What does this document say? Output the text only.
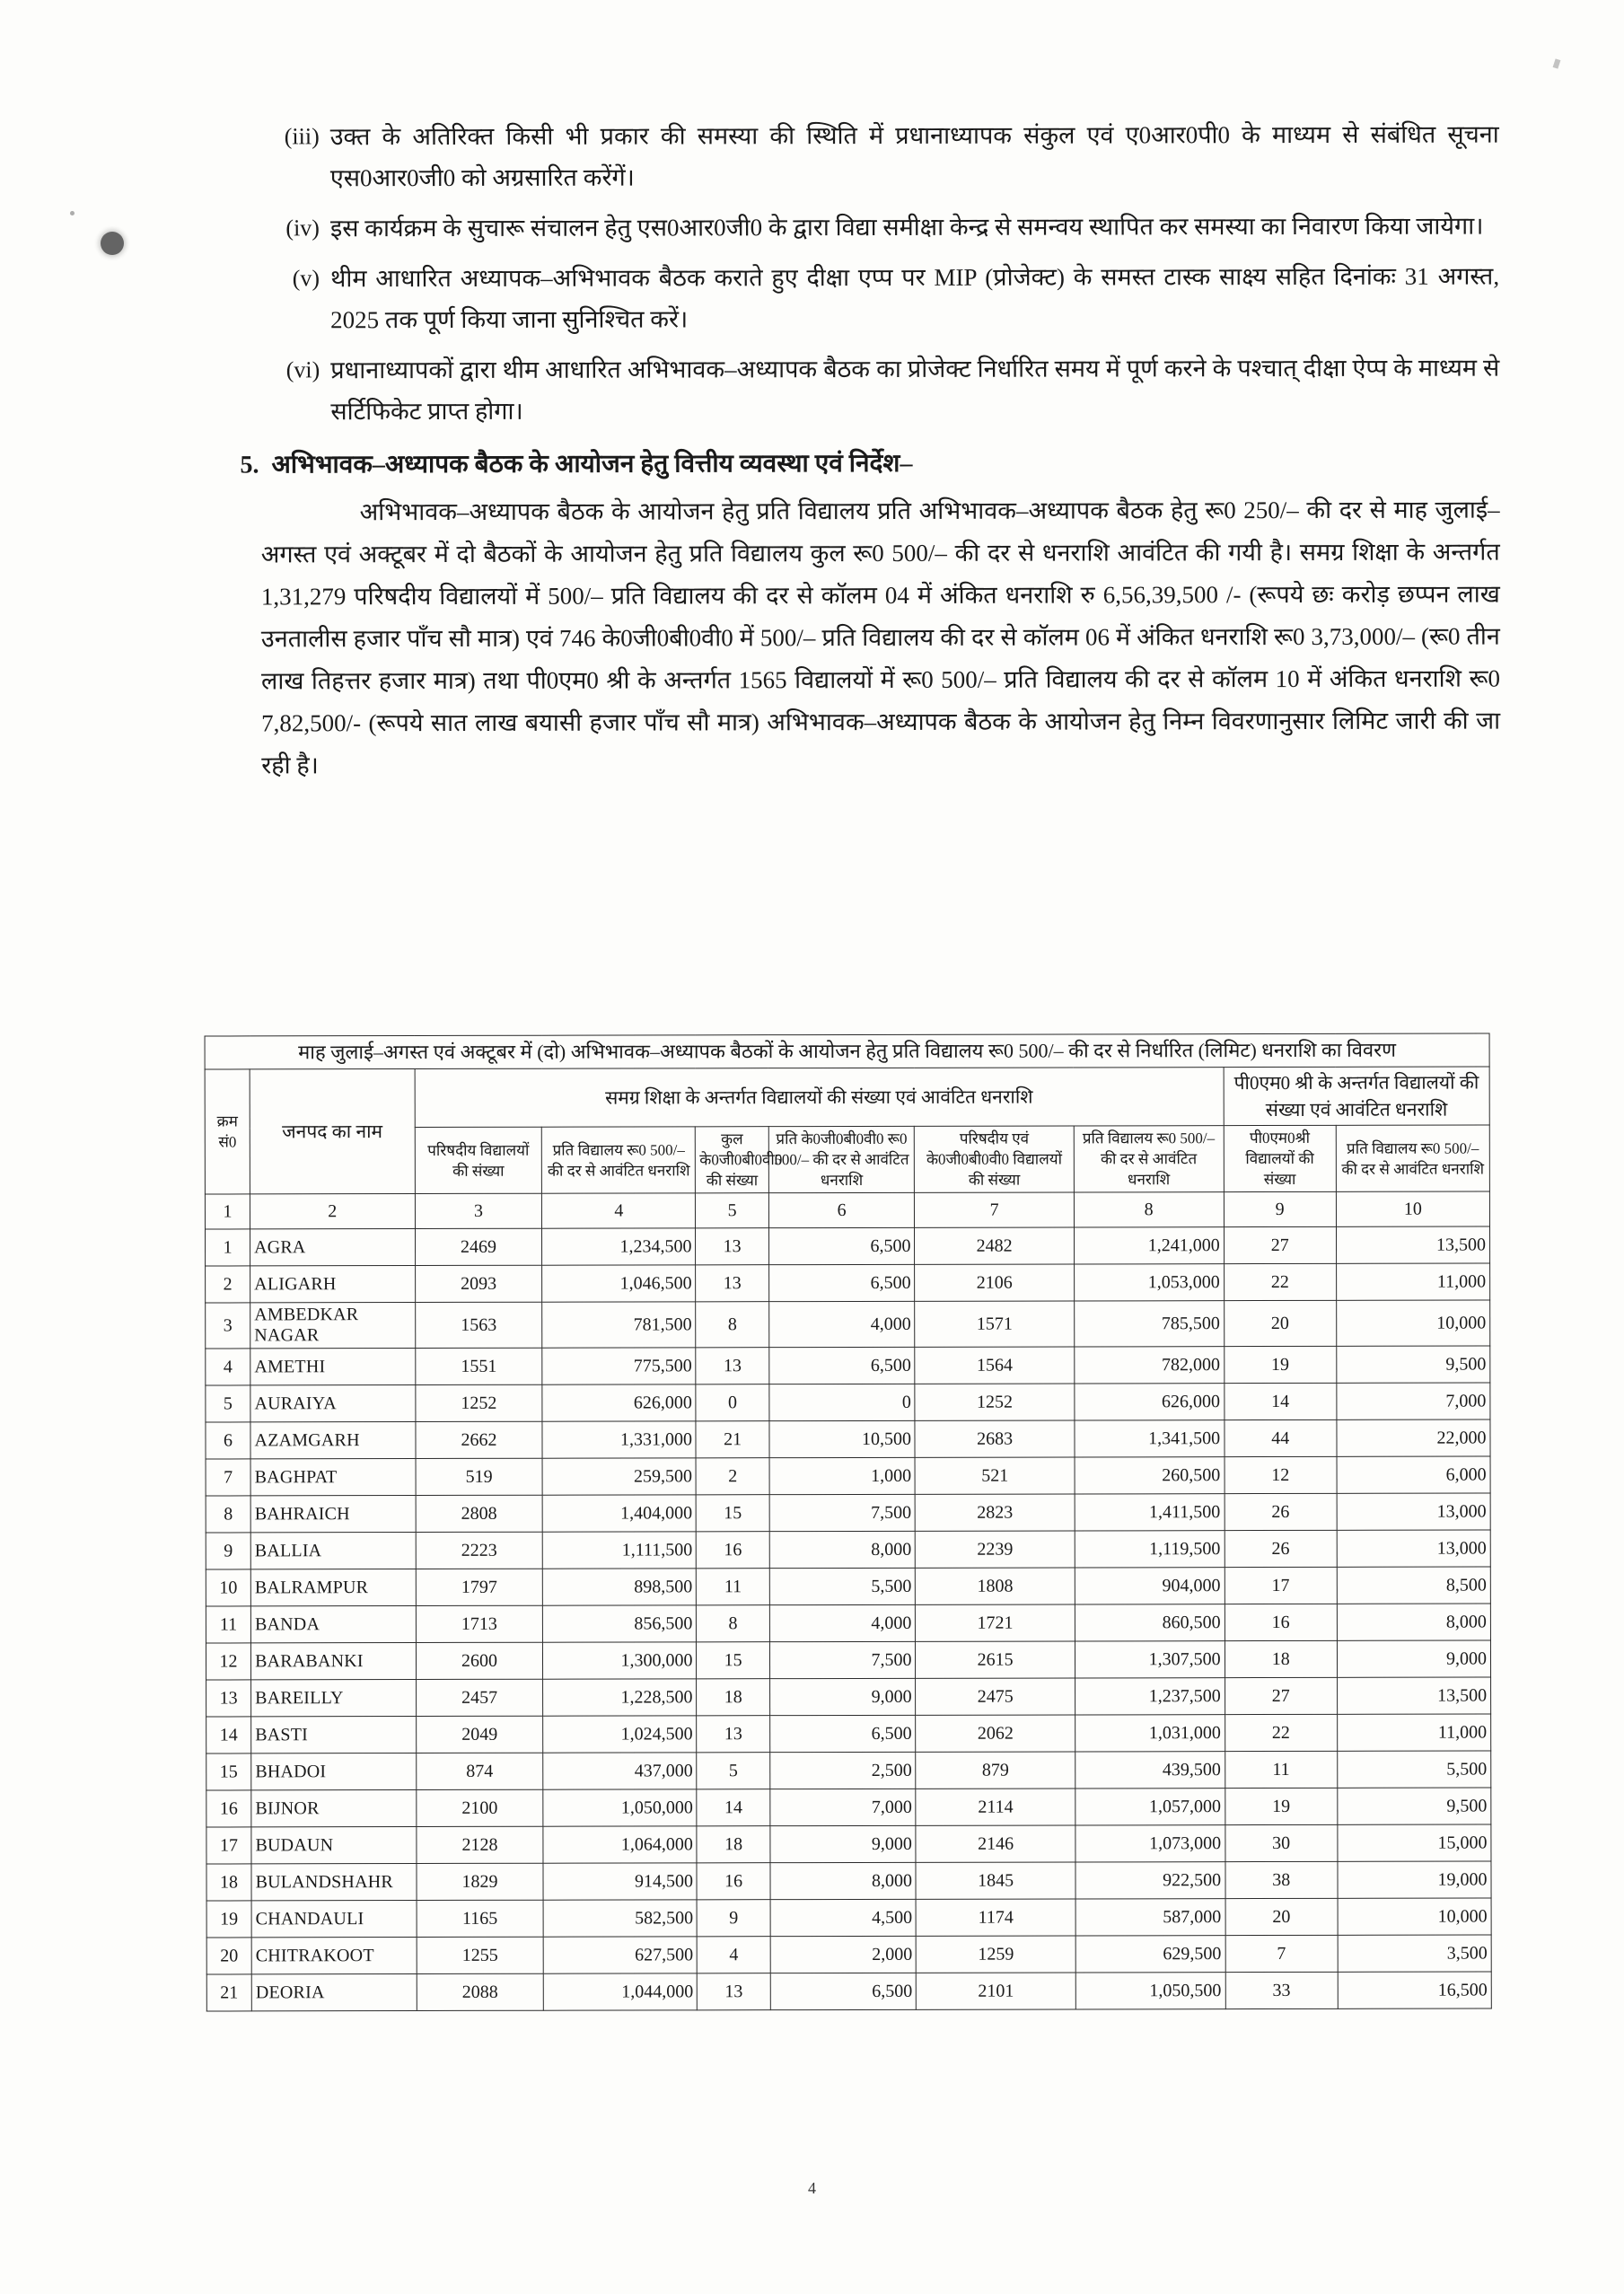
(iii) उक्त के अतिरिक्त किसी भी प्रकार की समस्या की स्थिति में प्रधानाध्यापक संकुल एवं ए0आर0पी0 के माध्यम से संबंधित सूचना एस0आर0जी0 को अग्रसारित करेंगें।
(iv) इस कार्यक्रम के सुचारू संचालन हेतु एस0आर0जी0 के द्वारा विद्या समीक्षा केन्द्र से समन्वय स्थापित कर समस्या का निवारण किया जायेगा।
(v) थीम आधारित अध्यापक–अभिभावक बैठक कराते हुए दीक्षा एप्प पर MIP (प्रोजेक्ट) के समस्त टास्क साक्ष्य सहित दिनांकः 31 अगस्त, 2025 तक पूर्ण किया जाना सुनिश्चित करें।
(vi) प्रधानाध्यापकों द्वारा थीम आधारित अभिभावक–अध्यापक बैठक का प्रोजेक्ट निर्धारित समय में पूर्ण करने के पश्चात् दीक्षा ऐप्प के माध्यम से सर्टिफिकेट प्राप्त होगा।
5. अभिभावक–अध्यापक बैठक के आयोजन हेतु वित्तीय व्यवस्था एवं निर्देश–

अभिभावक–अध्यापक बैठक के आयोजन हेतु प्रति विद्यालय प्रति अभिभावक–अध्यापक बैठक हेतु रू0 250/– की दर से माह जुलाई–अगस्त एवं अक्टूबर में दो बैठकों के आयोजन हेतु प्रति विद्यालय कुल रू0 500/– की दर से धनराशि आवंटित की गयी है। समग्र शिक्षा के अन्तर्गत 1,31,279 परिषदीय विद्यालयों में 500/– प्रति विद्यालय की दर से कॉलम 04 में अंकित धनराशि रु 6,56,39,500 /- (रूपये छः करोड़ छप्पन लाख उनतालीस हजार पाँच सौ मात्र) एवं 746 के0जी0बी0वी0 में 500/– प्रति विद्यालय की दर से कॉलम 06 में अंकित धनराशि रू0 3,73,000/– (रू0 तीन लाख तिहत्तर हजार मात्र) तथा पी0एम0 श्री के अन्तर्गत 1565 विद्यालयों में रू0 500/– प्रति विद्यालय की दर से कॉलम 10 में अंकित धनराशि रू0 7,82,500/- (रूपये सात लाख बयासी हजार पाँच सौ मात्र) अभिभावक–अध्यापक बैठक के आयोजन हेतु निम्न विवरणानुसार लिमिट जारी की जा रही है।

माह जुलाई–अगस्त एवं अक्टूबर में (दो) अभिभावक–अध्यापक बैठकों के आयोजन हेतु प्रति विद्यालय रू0 500/– की दर से निर्धारित (लिमिट) धनराशि का विवरण									
क्रम सं0	जनपद का नाम	समग्र शिक्षा के अन्तर्गत विद्यालयों की संख्या एवं आवंटित धनराशि						पी0एम0 श्री के अन्तर्गत विद्यालयों की संख्या एवं आवंटित धनराशि	
		परिषदीय विद्यालयों की संख्या	प्रति विद्यालय रू0 500/– की दर से आवंटित धनराशि	कुल के0जी0बी0वी0 की संख्या	प्रति के0जी0बी0वी0 रू0 500/– की दर से आवंटित धनराशि	परिषदीय एवं के0जी0बी0वी0 विद्यालयों की संख्या	प्रति विद्यालय रू0 500/– की दर से आवंटित धनराशि	पी0एम0श्री विद्यालयों की संख्या	प्रति विद्यालय रू0 500/– की दर से आवंटित धनराशि
1	2	3	4	5	6	7	8	9	10
1	AGRA	2469	1,234,500	13	6,500	2482	1,241,000	27	13,500
2	ALIGARH	2093	1,046,500	13	6,500	2106	1,053,000	22	11,000
3	AMBEDKAR NAGAR	1563	781,500	8	4,000	1571	785,500	20	10,000
4	AMETHI	1551	775,500	13	6,500	1564	782,000	19	9,500
5	AURAIYA	1252	626,000	0	0	1252	626,000	14	7,000
6	AZAMGARH	2662	1,331,000	21	10,500	2683	1,341,500	44	22,000
7	BAGHPAT	519	259,500	2	1,000	521	260,500	12	6,000
8	BAHRAICH	2808	1,404,000	15	7,500	2823	1,411,500	26	13,000
9	BALLIA	2223	1,111,500	16	8,000	2239	1,119,500	26	13,000
10	BALRAMPUR	1797	898,500	11	5,500	1808	904,000	17	8,500
11	BANDA	1713	856,500	8	4,000	1721	860,500	16	8,000
12	BARABANKI	2600	1,300,000	15	7,500	2615	1,307,500	18	9,000
13	BAREILLY	2457	1,228,500	18	9,000	2475	1,237,500	27	13,500
14	BASTI	2049	1,024,500	13	6,500	2062	1,031,000	22	11,000
15	BHADOI	874	437,000	5	2,500	879	439,500	11	5,500
16	BIJNOR	2100	1,050,000	14	7,000	2114	1,057,000	19	9,500
17	BUDAUN	2128	1,064,000	18	9,000	2146	1,073,000	30	15,000
18	BULANDSHAHR	1829	914,500	16	8,000	1845	922,500	38	19,000
19	CHANDAULI	1165	582,500	9	4,500	1174	587,000	20	10,000
20	CHITRAKOOT	1255	627,500	4	2,000	1259	629,500	7	3,500
21	DEORIA	2088	1,044,000	13	6,500	2101	1,050,500	33	16,500
4
